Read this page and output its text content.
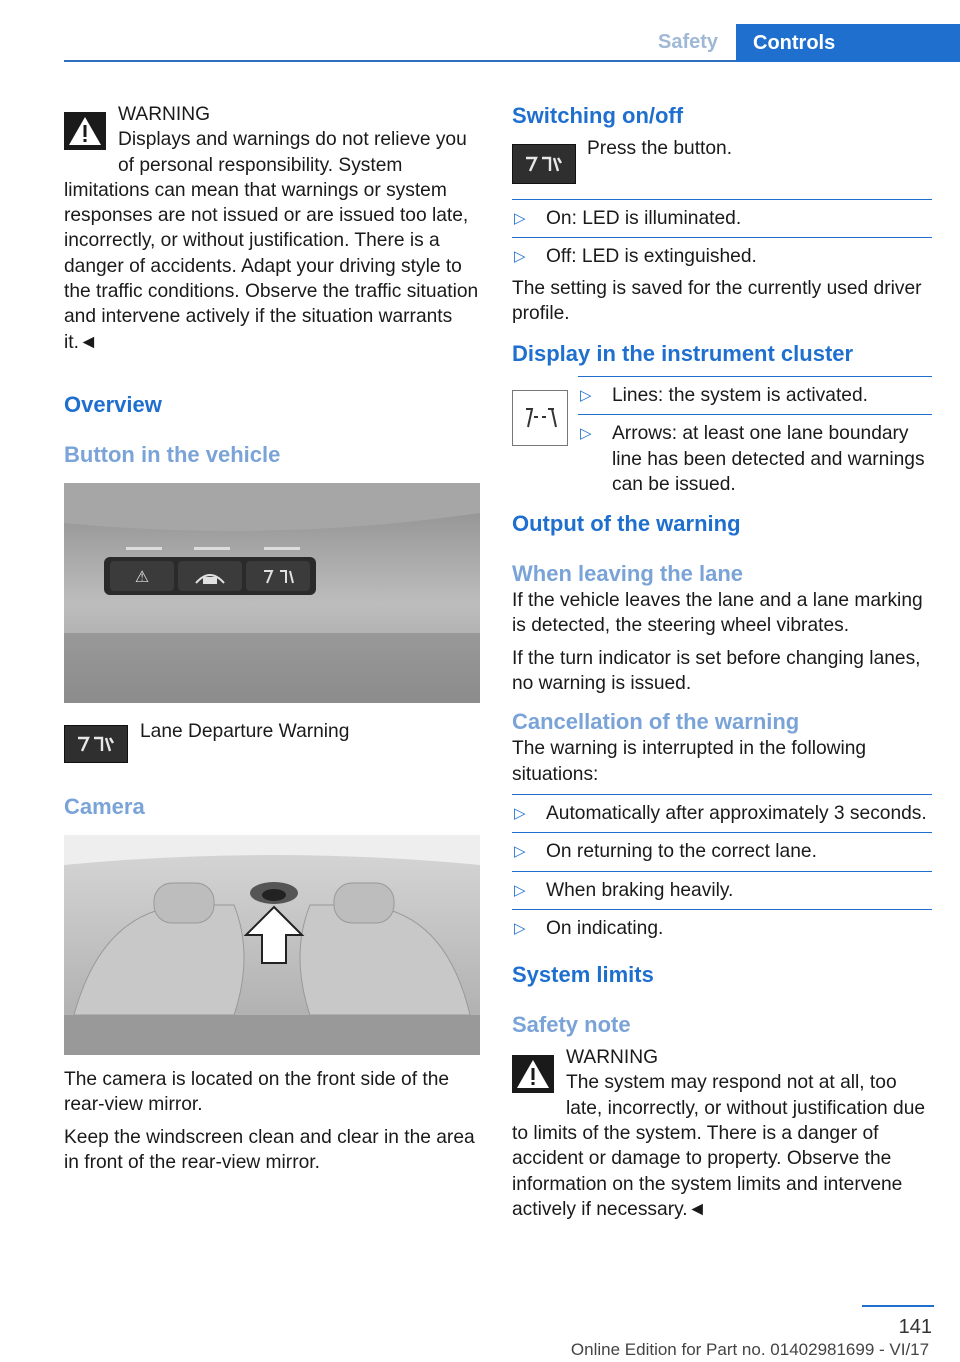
Safety	Controls

WARNING

Displays and warnings do not relieve you of personal responsibility. System limitations can mean that warnings or system responses are not issued or are issued too late, incorrectly, or without justification. There is a danger of accidents. Adapt your driving style to the traffic conditions. Observe the traffic situation and intervene actively if the situation warrants it.◄

Overview
Button in the vehicle
⚠

Lane Departure Warning

Camera

The camera is located on the front side of the rear-view mirror.

Keep the windscreen clean and clear in the area in front of the rear-view mirror.

Switching on/off

Press the button.

▷ On: LED is illuminated.
▷ Off: LED is extinguished.

The setting is saved for the currently used driver profile.

Display in the instrument cluster
▷ Lines: the system is activated.
▷ Arrows: at least one lane boundary line has been detected and warnings can be issued.
Output of the warning
When leaving the lane

If the vehicle leaves the lane and a lane marking is detected, the steering wheel vibrates.

If the turn indicator is set before changing lanes, no warning is issued.

Cancellation of the warning

The warning is interrupted in the following situations:

▷ Automatically after approximately 3 seconds.
▷ On returning to the correct lane.
▷ When braking heavily.
▷ On indicating.
System limits
Safety note

WARNING

The system may respond not at all, too late, incorrectly, or without justification due to limits of the system. There is a danger of accident or damage to property. Observe the information on the system limits and intervene actively if necessary.◄

141
Online Edition for Part no. 01402981699 - VI/17
